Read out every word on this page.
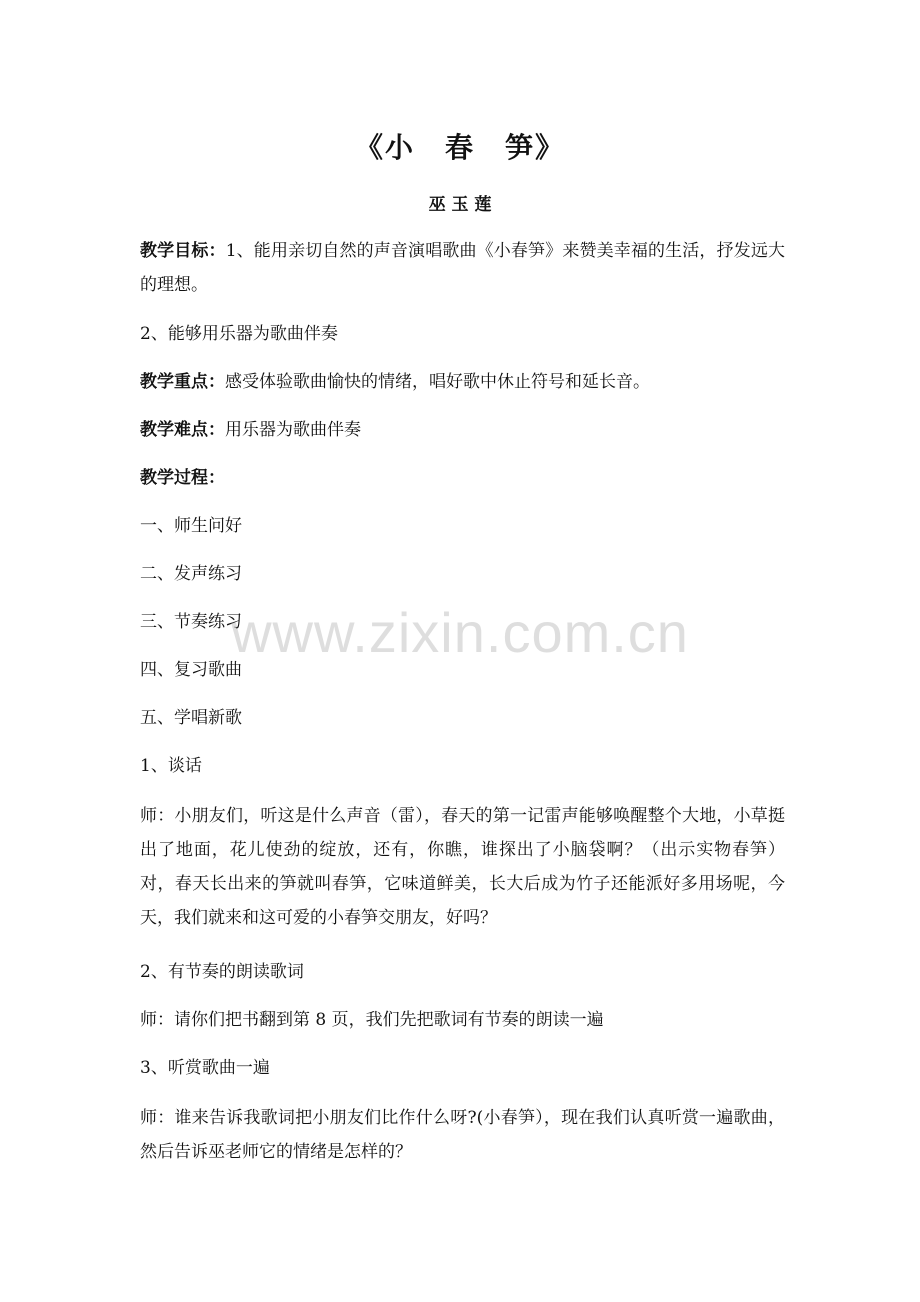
《小　春　笋》
巫 玉 莲
教学目标：1、能用亲切自然的声音演唱歌曲《小春笋》来赞美幸福的生活，抒发远大的理想。
2、能够用乐器为歌曲伴奏
教学重点：感受体验歌曲愉快的情绪，唱好歌中休止符号和延长音。
教学难点：用乐器为歌曲伴奏
教学过程：
一、师生问好
二、发声练习
三、节奏练习
四、复习歌曲
五、学唱新歌
1、谈话
师：小朋友们，听这是什么声音（雷），春天的第一记雷声能够唤醒整个大地，小草挺出了地面，花儿使劲的绽放，还有，你瞧，谁探出了小脑袋啊？（出示实物春笋）对，春天长出来的笋就叫春笋，它味道鲜美，长大后成为竹子还能派好多用场呢，今天，我们就来和这可爱的小春笋交朋友，好吗？
2、有节奏的朗读歌词
师：请你们把书翻到第 8 页，我们先把歌词有节奏的朗读一遍
3、听赏歌曲一遍
师：谁来告诉我歌词把小朋友们比作什么呀?(小春笋），现在我们认真听赏一遍歌曲，然后告诉巫老师它的情绪是怎样的？
www.zixin.com.cn
